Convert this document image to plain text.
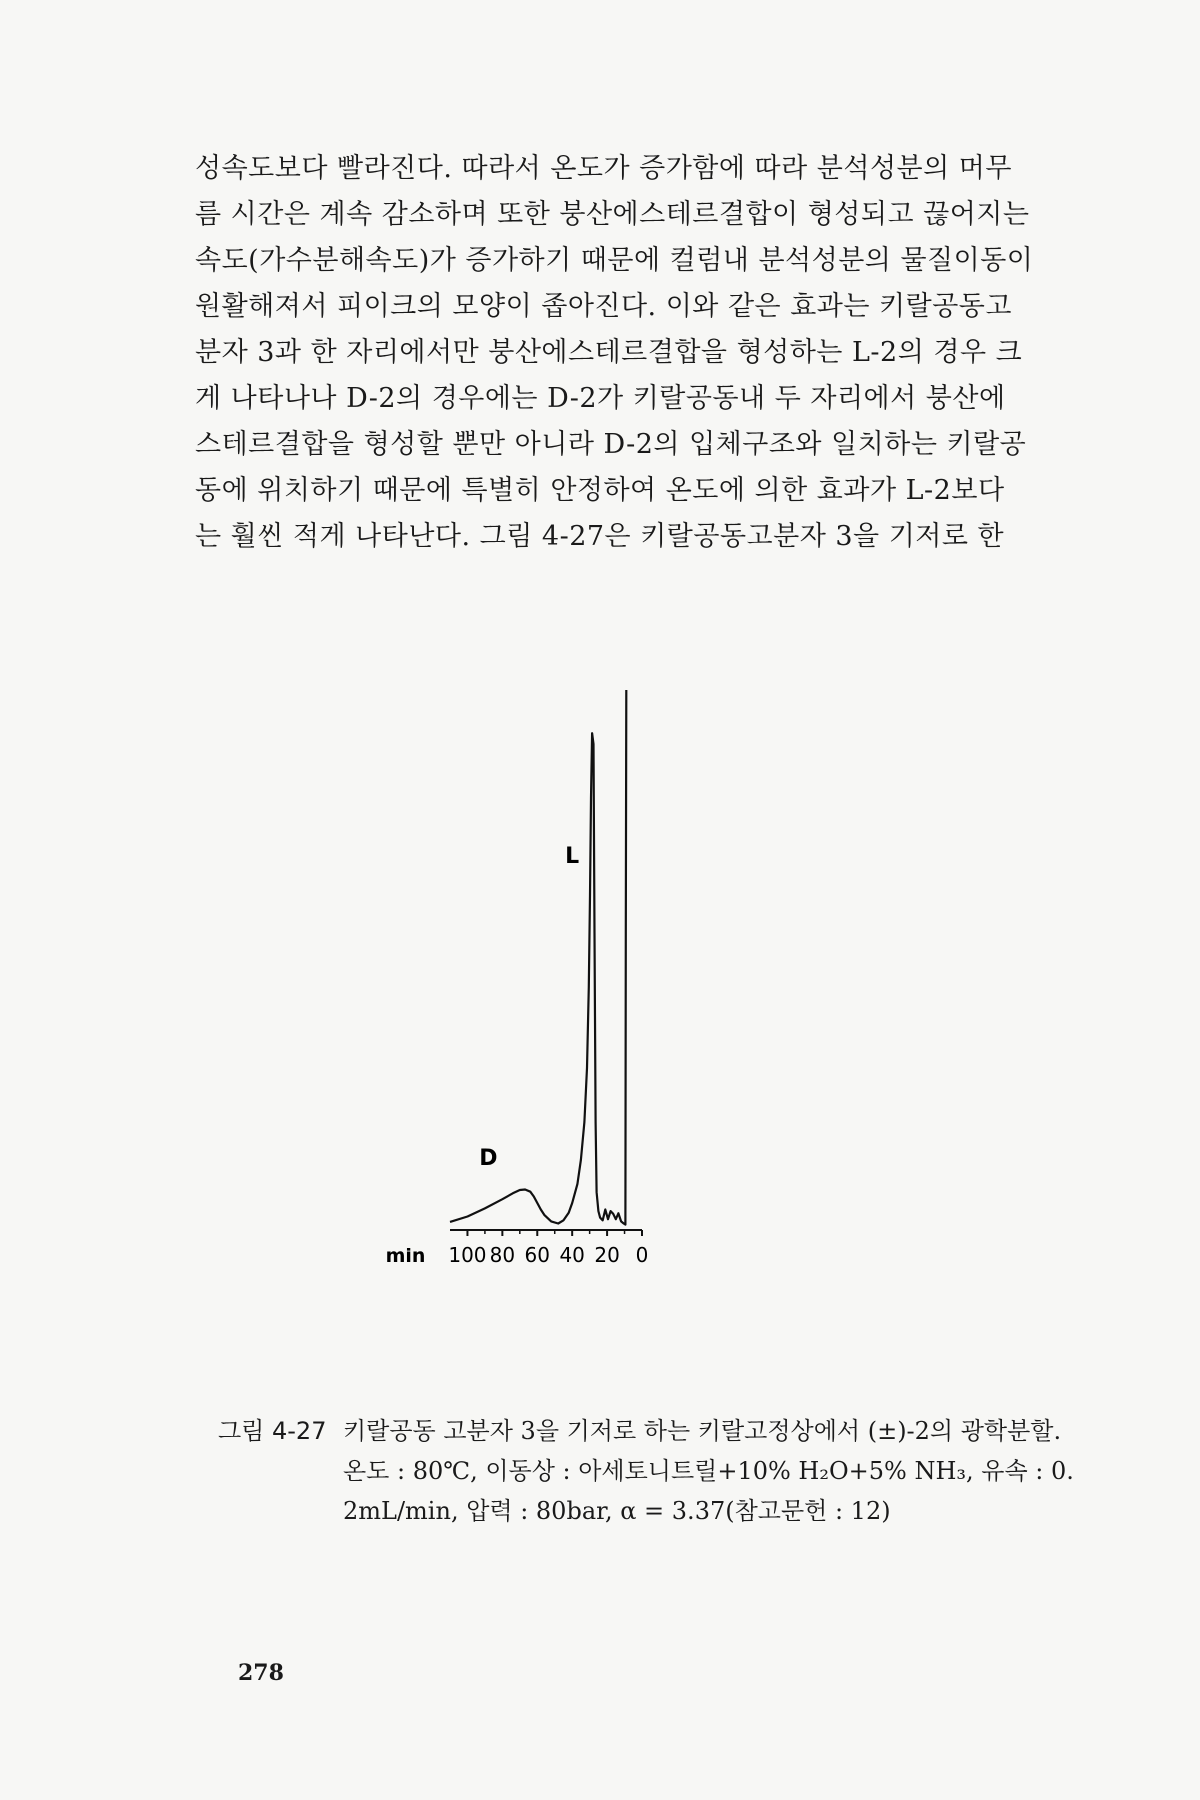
성속도보다 빨라진다. 따라서 온도가 증가함에 따라 분석성분의 머무
름 시간은 계속 감소하며 또한 붕산에스테르결합이 형성되고 끊어지는
속도(가수분해속도)가 증가하기 때문에 컬럼내 분석성분의 물질이동이
원활해져서 피이크의 모양이 좁아진다. 이와 같은 효과는 키랄공동고
분자 3과 한 자리에서만 붕산에스테르결합을 형성하는 L-2의 경우 크
게 나타나나 D-2의 경우에는 D-2가 키랄공동내 두 자리에서 붕산에
스테르결합을 형성할 뿐만 아니라 D-2의 입체구조와 일치하는 키랄공
동에 위치하기 때문에 특별히 안정하여 온도에 의한 효과가 L-2보다
는 훨씬 적게 나타난다. 그림 4-27은 키랄공동고분자 3을 기저로 한
100 80 60 40 20 0
min
L
D
그림 4-27 키랄공동 고분자 3을 기저로 하는 키랄고정상에서 (±)-2의 광학분할.
온도 : 80℃, 이동상 : 아세토니트릴+10% H₂O+5% NH₃, 유속 : 0.
2mL/min, 압력 : 80bar, α = 3.37(참고문헌 : 12)
278
